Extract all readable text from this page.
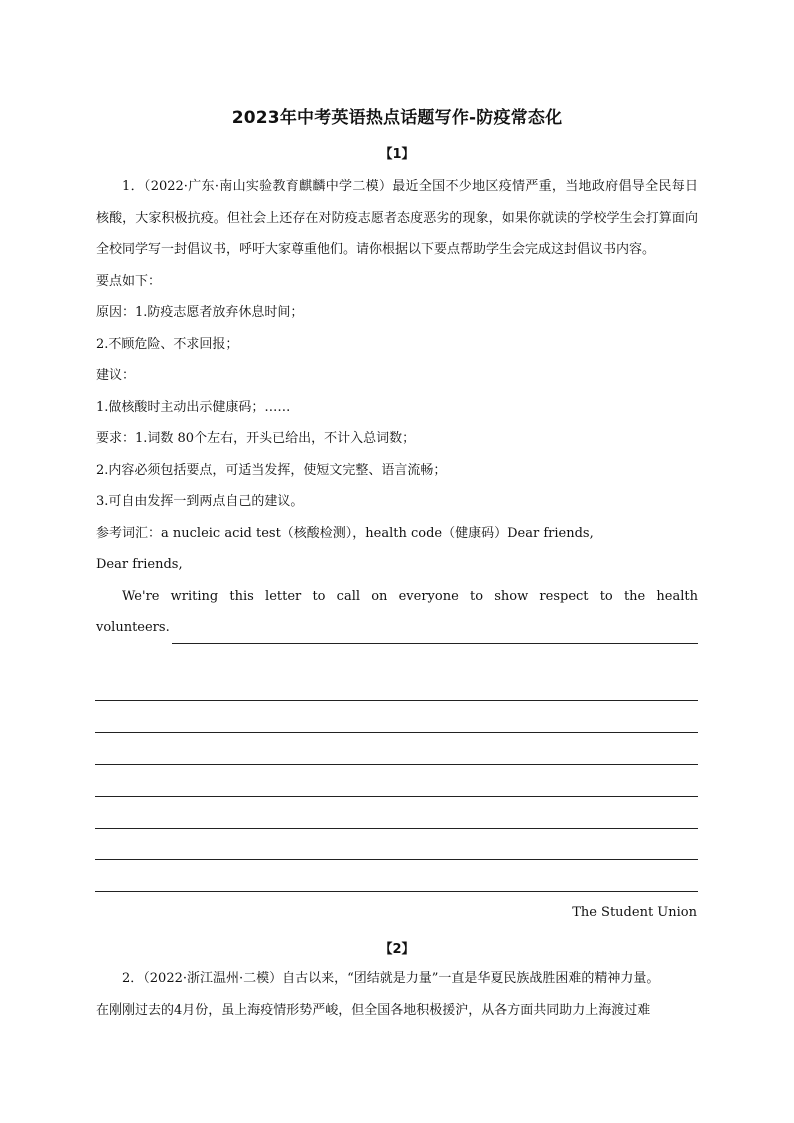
2023年中考英语热点话题写作-防疫常态化
【1】

1．（2022·广东·南山实验教育麒麟中学二模）最近全国不少地区疫情严重，当地政府倡导全民每日核酸，大家积极抗疫。但社会上还存在对防疫志愿者态度恶劣的现象，如果你就读的学校学生会打算面向全校同学写一封倡议书，呼吁大家尊重他们。请你根据以下要点帮助学生会完成这封倡议书内容。

要点如下：

原因：1.防疫志愿者放弃休息时间；

2.不顾危险、不求回报；

建议：

1.做核酸时主动出示健康码；……

要求：1.词数 80个左右，开头已给出，不计入总词数；

2.内容必须包括要点，可适当发挥，使短文完整、语言流畅；

3.可自由发挥一到两点自己的建议。

参考词汇：a nucleic acid test（核酸检测），health code（健康码）Dear friends,

Dear friends,

We're writing this letter to call on everyone to show respect to the health

volunteers.
The Student Union
【2】

2．（2022·浙江温州·二模）自古以来，“团结就是力量”一直是华夏民族战胜困难的精神力量。

在刚刚过去的4月份，虽上海疫情形势严峻，但全国各地积极援沪，从各方面共同助力上海渡过难
